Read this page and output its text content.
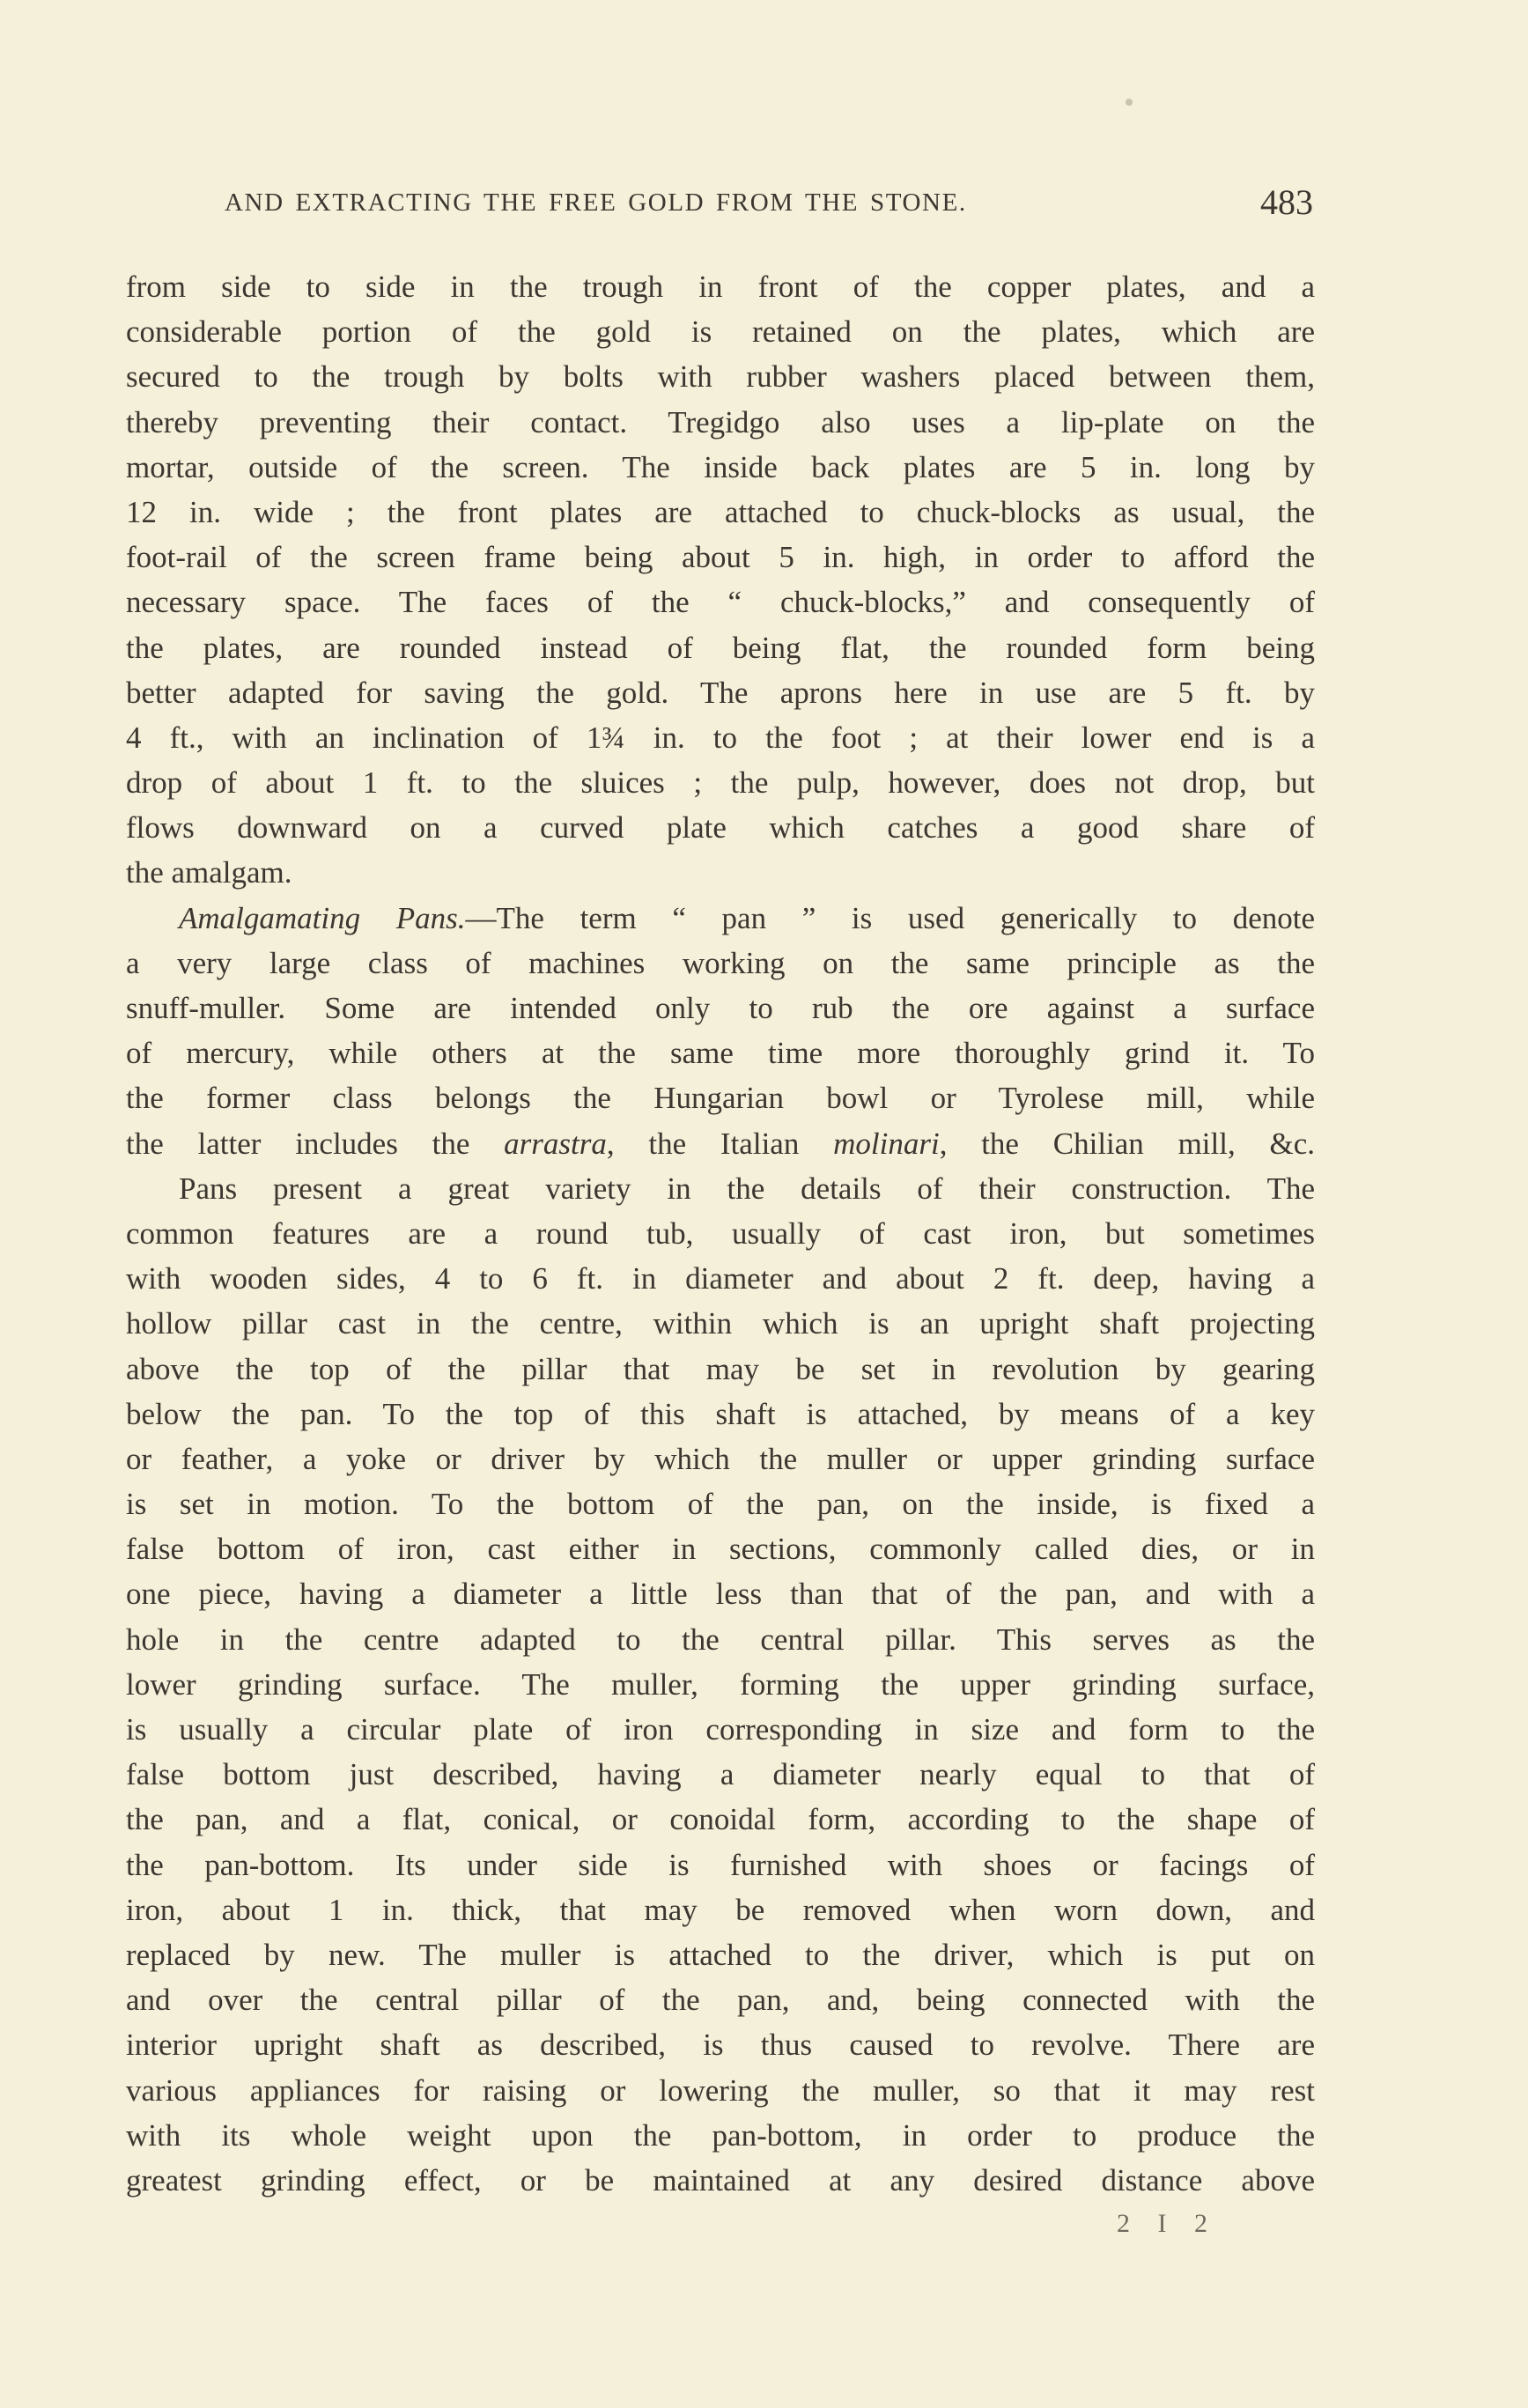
AND EXTRACTING THE FREE GOLD FROM THE STONE.	483
from side to side in the trough in front of the copper plates, and a
considerable portion of the gold is retained on the plates, which are
secured to the trough by bolts with rubber washers placed between them,
thereby preventing their contact. Tregidgo also uses a lip-plate on the
mortar, outside of the screen. The inside back plates are 5 in. long by
12 in. wide ; the front plates are attached to chuck-blocks as usual, the
foot-rail of the screen frame being about 5 in. high, in order to afford the
necessary space. The faces of the “ chuck-blocks,” and consequently of
the plates, are rounded instead of being flat, the rounded form being
better adapted for saving the gold. The aprons here in use are 5 ft. by
4 ft., with an inclination of 1¾ in. to the foot ; at their lower end is a
drop of about 1 ft. to the sluices ; the pulp, however, does not drop, but
flows downward on a curved plate which catches a good share of
the amalgam.
Amalgamating Pans.—The term “ pan ” is used generically to denote
a very large class of machines working on the same principle as the
snuff-muller. Some are intended only to rub the ore against a surface
of mercury, while others at the same time more thoroughly grind it. To
the former class belongs the Hungarian bowl or Tyrolese mill, while
the latter includes the arrastra, the Italian molinari, the Chilian mill, &c.
Pans present a great variety in the details of their construction. The
common features are a round tub, usually of cast iron, but sometimes
with wooden sides, 4 to 6 ft. in diameter and about 2 ft. deep, having a
hollow pillar cast in the centre, within which is an upright shaft projecting
above the top of the pillar that may be set in revolution by gearing
below the pan. To the top of this shaft is attached, by means of a key
or feather, a yoke or driver by which the muller or upper grinding surface
is set in motion. To the bottom of the pan, on the inside, is fixed a
false bottom of iron, cast either in sections, commonly called dies, or in
one piece, having a diameter a little less than that of the pan, and with a
hole in the centre adapted to the central pillar. This serves as the
lower grinding surface. The muller, forming the upper grinding surface,
is usually a circular plate of iron corresponding in size and form to the
false bottom just described, having a diameter nearly equal to that of
the pan, and a flat, conical, or conoidal form, according to the shape of
the pan-bottom. Its under side is furnished with shoes or facings of
iron, about 1 in. thick, that may be removed when worn down, and
replaced by new. The muller is attached to the driver, which is put on
and over the central pillar of the pan, and, being connected with the
interior upright shaft as described, is thus caused to revolve. There are
various appliances for raising or lowering the muller, so that it may rest
with its whole weight upon the pan-bottom, in order to produce the
greatest grinding effect, or be maintained at any desired distance above
2 I 2
